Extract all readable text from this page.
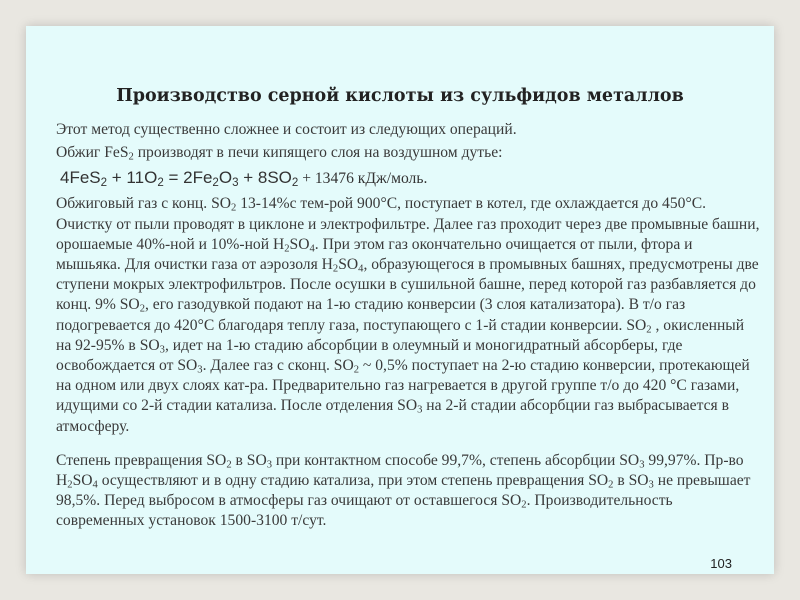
Производство серной кислоты из сульфидов металлов

Этот метод существенно сложнее и состоит из следующих операций.

Обжиг FeS$_2$ производят в печи кипящего слоя на воздушном дутье:

$4FeS_2 + 11O_2 = 2Fe_2O_3 + 8SO_2 + 13476$ кДж/моль.

Обжиговый газ с конц. $SO_2$ 13-14%с тем-рой 900°С, поступает в котел, где охлаждается до 450°С. Очистку от пыли проводят в циклоне и электрофильтре. Далее газ проходит через две промывные башни, орошаемые 40%-ной и 10%-ной $H_2SO_4$. При этом газ окончательно очищается от пыли, фтора и мышьяка. Для очистки газа от аэрозоля $H_2SO_4$, образующегося в промывных башнях, предусмотрены две ступени мокрых электрофильтров. После осушки в сушильной башне, перед которой газ разбавляется до конц. 9% $SO_2$, его газодувкой подают на 1-ю стадию конверсии (3 слоя катализатора). В т/о газ подогревается до 420°С благодаря теплу газа, поступающего с 1-й стадии конверсии. $SO_2$ , окисленный на 92-95% в $SO_3$, идет на 1-ю стадию абсорбции в олеумный и моногидратный абсорберы, где освобождается от $SO_3$. Далее газ с сконц. $SO_2$ ~ 0,5% поступает на 2-ю стадию конверсии, протекающей на одном или двух слоях кат-ра. Предварительно газ нагревается в другой группе т/о до 420 °С газами, идущими со 2-й стадии катализа. После отделения $SO_3$ на 2-й стадии абсорбции газ выбрасывается в атмосферу.

Степень превращения $SO_2$ в $SO_3$ при контактном способе 99,7%, степень абсорбции $SO_3$ 99,97%. Пр-во $H_2SO_4$ осуществляют и в одну стадию катализа, при этом степень превращения $SO_2$ в $SO_3$ не превышает 98,5%. Перед выбросом в атмосферы газ очищают от оставшегося $SO_2$. Производительность современных установок 1500-3100 т/сут.

103
